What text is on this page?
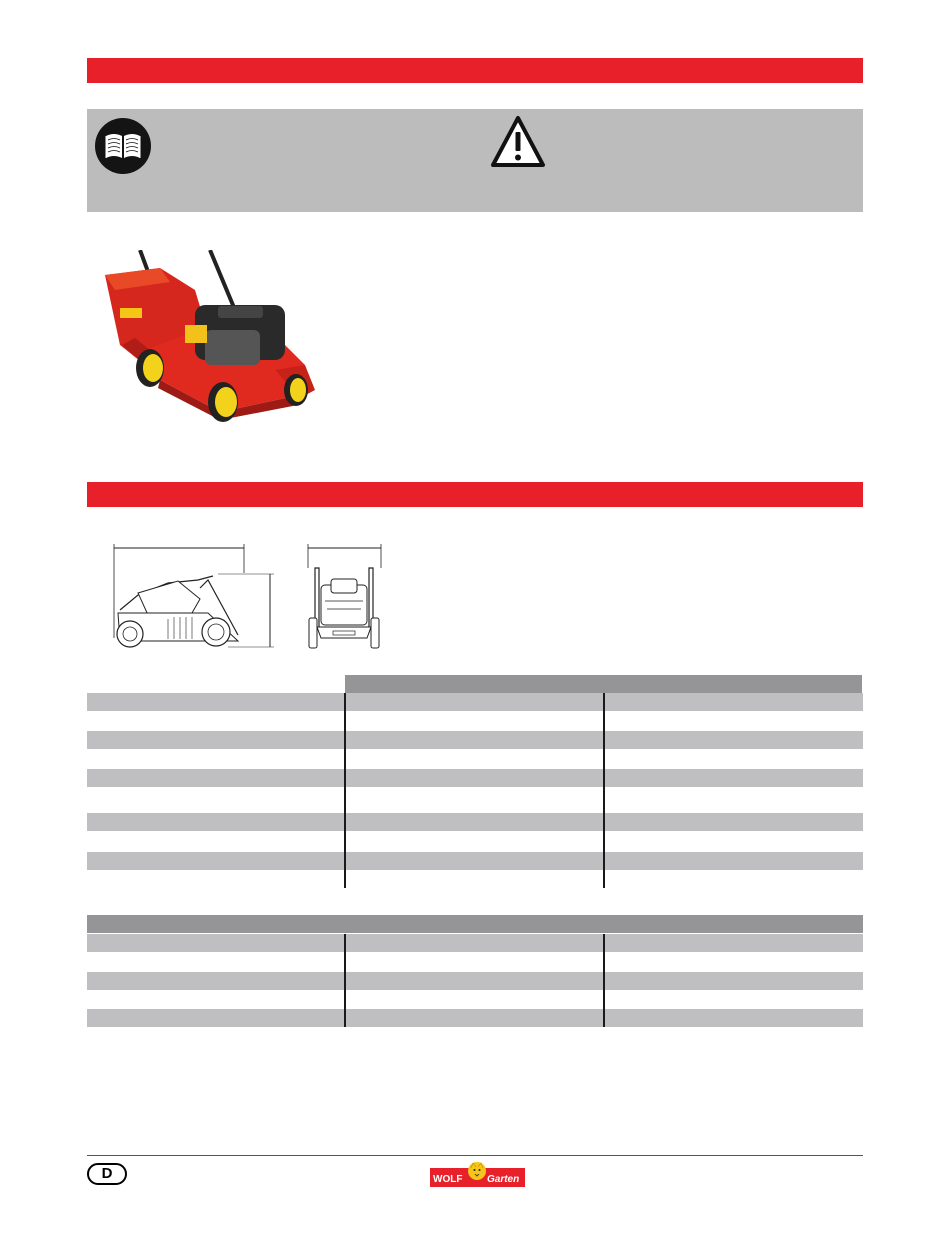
D	WOLF Garten
